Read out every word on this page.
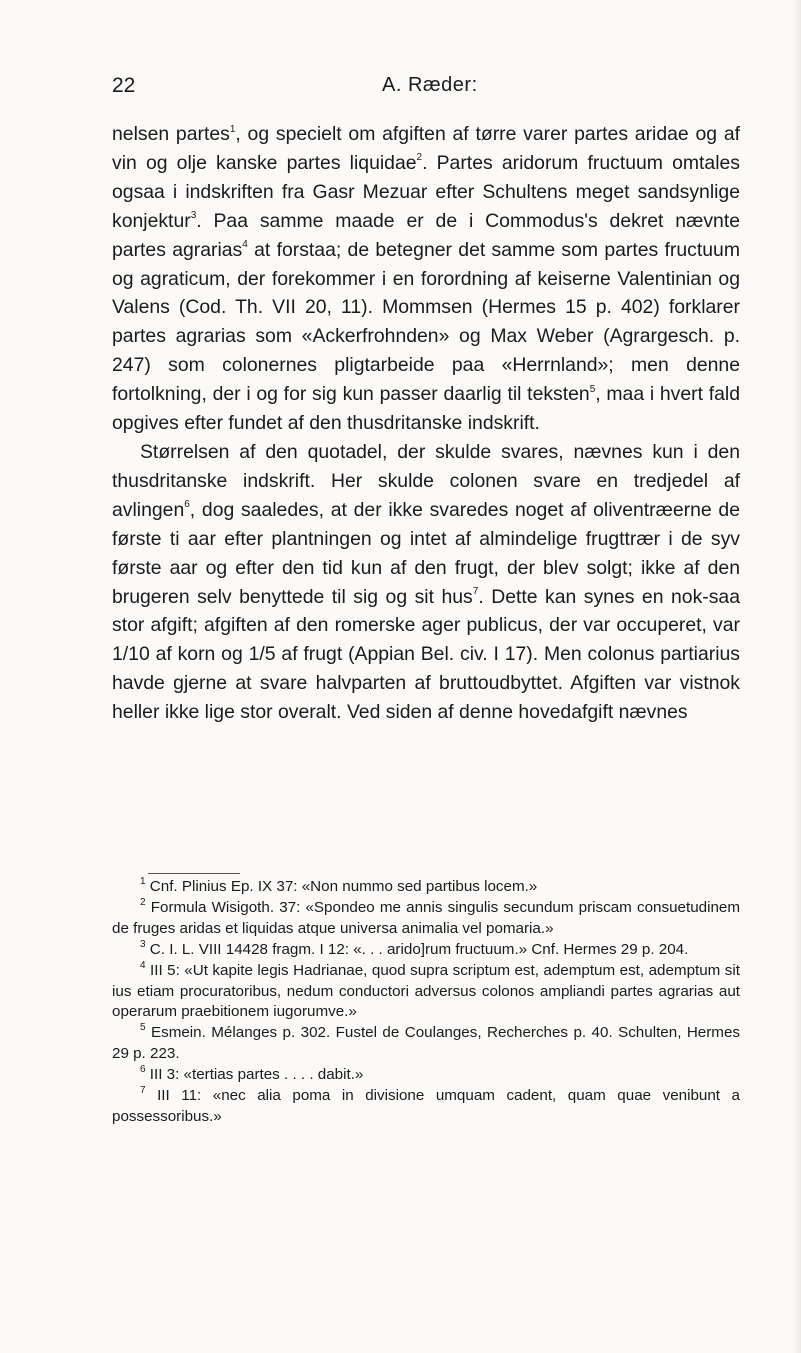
22	A. Ræder:

nelsen partes$^1$, og specielt om afgiften af tørre varer partes aridae og af vin og olje kanske partes liquidae$^2$. Partes aridorum fructuum omtales ogsaa i indskriften fra Gasr Mezuar efter Schultens meget sandsynlige konjektur$^3$. Paa samme maade er de i Commodus's dekret nævnte partes agrarias$^4$ at forstaa; de betegner det samme som partes fructuum og agraticum, der forekommer i en forordning af keiserne Valentinian og Valens (Cod. Th. VII 20, 11). Mommsen (Hermes 15 p. 402) forklarer partes agrarias som «Ackerfrohnden» og Max Weber (Agrargesch. p. 247) som colonernes pligtarbeide paa «Herrnland»; men denne fortolkning, der i og for sig kun passer daarlig til teksten$^5$, maa i hvert fald opgives efter fundet af den thusdritanske indskrift.

Størrelsen af den quotadel, der skulde svares, nævnes kun i den thusdritanske indskrift. Her skulde colonen svare en tredjedel af avlingen$^6$, dog saaledes, at der ikke svaredes noget af oliventræerne de første ti aar efter plantningen og intet af almindelige frugttrær i de syv første aar og efter den tid kun af den frugt, der blev solgt; ikke af den brugeren selv benyttede til sig og sit hus$^7$. Dette kan synes en nok-saa stor afgift; afgiften af den romerske ager publicus, der var occuperet, var 1/10 af korn og 1/5 af frugt (Appian Bel. civ. I 17). Men colonus partiarius havde gjerne at svare halvparten af bruttoudbyttet. Afgiften var vistnok heller ikke lige stor overalt. Ved siden af denne hovedafgift nævnes

$^1$ Cnf. Plinius Ep. IX 37: «Non nummo sed partibus locem.»

$^2$ Formula Wisigoth. 37: «Spondeo me annis singulis secundum priscam consuetudinem de fruges aridas et liquidas atque universa animalia vel pomaria.»

$^3$ C. I. L. VIII 14428 fragm. I 12: «. . . arido]rum fructuum.» Cnf. Hermes 29 p. 204.

$^4$ III 5: «Ut kapite legis Hadrianae, quod supra scriptum est, ademptum est, ademptum sit ius etiam procuratoribus, nedum conductori adversus colonos ampliandi partes agrarias aut operarum praebitionem iugorumve.»

$^5$ Esmein. Mélanges p. 302. Fustel de Coulanges, Recherches p. 40. Schulten, Hermes 29 p. 223.

$^6$ III 3: «tertias partes . . . . dabit.»

$^7$ III 11: «nec alia poma in divisione umquam cadent, quam quae venibunt a possessoribus.»
